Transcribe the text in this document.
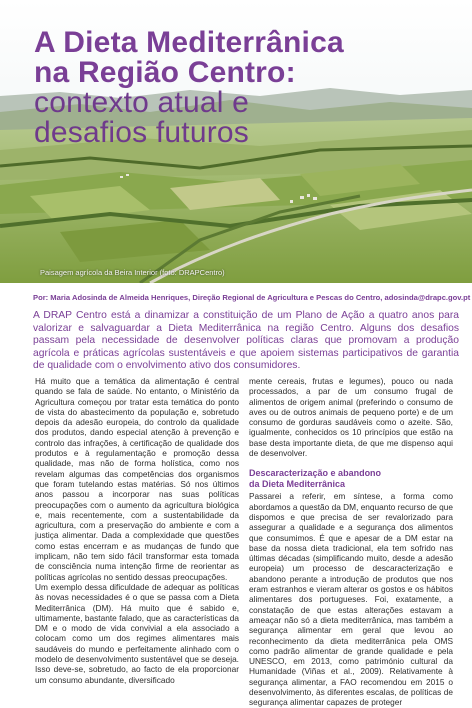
A Dieta Mediterrânica
na Região Centro:
contexto atual e
desafios futuros
Paisagem agrícola da Beira Interior (foto: DRAPCentro)
Por: Maria Adosinda de Almeida Henriques, Direção Regional de Agricultura e Pescas do Centro, adosinda@drapc.gov.pt

A DRAP Centro está a dinamizar a constituição de um Plano de Ação a quatro anos para valorizar e salvaguardar a Dieta Mediterrânica na região Centro. Alguns dos desafios passam pela necessidade de desenvolver políticas claras que promovam a produção agrícola e práticas agrícolas sustentáveis e que apoiem sistemas participativos de garantia de qualidade com o envolvimento ativo dos consumidores.

Há muito que a temática da alimentação é central quando se fala de saúde. No entanto, o Ministério da Agricultura começou por tratar esta temática do ponto de vista do abastecimento da população e, sobretudo depois da adesão europeia, do controlo da qualidade dos produtos, dando especial atenção à prevenção e controlo das infrações, à certificação de qualidade dos produtos e à regulamentação e promoção dessa qualidade, mas não de forma holística, como nos revelam algumas das competências dos organismos que foram tutelando estas matérias. Só nos últimos anos passou a incorporar nas suas políticas preocupações com o aumento da agricultura biológica e, mais recentemente, com a sustentabilidade da agricultura, com a preservação do ambiente e com a justiça alimentar. Dada a complexidade que questões como estas encerram e as mudanças de fundo que implicam, não tem sido fácil transformar esta tomada de consciência numa intenção firme de reorientar as políticas agrícolas no sentido dessas preocupações.

Um exemplo dessa dificuldade de adequar as políticas às novas necessidades é o que se passa com a Dieta Mediterrânica (DM). Há muito que é sabido e, ultimamente, bastante falado, que as características da DM e o modo de vida convivial a ela associado a colocam como um dos regimes alimentares mais saudáveis do mundo e perfeitamente alinhado com o modelo de desenvolvimento sustentável que se deseja. Isso deve-se, sobretudo, ao facto de ela proporcionar um consumo abundante, diversificado

mente cereais, frutas e legumes), pouco ou nada processados, a par de um consumo frugal de alimentos de origem animal (preferindo o consumo de aves ou de outros animais de pequeno porte) e de um consumo de gorduras saudáveis como o azeite. São, igualmente, conhecidos os 10 princípios que estão na base desta importante dieta, de que me dispenso aqui de desenvolver.

Descaracterização e abandono
da Dieta Mediterrânica

Passarei a referir, em síntese, a forma como abordamos a questão da DM, enquanto recurso de que dispomos e que precisa de ser revalorizado para assegurar a qualidade e a segurança dos alimentos que consumimos. É que e apesar de a DM estar na base da nossa dieta tradicional, ela tem sofrido nas últimas décadas (simplificando muito, desde a adesão europeia) um processo de descaracterização e abandono perante a introdução de produtos que nos eram estranhos e vieram alterar os gostos e os hábitos alimentares dos portugueses. Foi, exatamente, a constatação de que estas alterações estavam a ameaçar não só a dieta mediterrânica, mas também a segurança alimentar em geral que levou ao reconhecimento da dieta mediterrânica pela OMS como padrão alimentar de grande qualidade e pela UNESCO, em 2013, como património cultural da Humanidade (Viñas et al., 2009). Relativamente à segurança alimentar, a FAO recomendou em 2015 o desenvolvimento, às diferentes escalas, de políticas de segurança alimentar capazes de proteger
